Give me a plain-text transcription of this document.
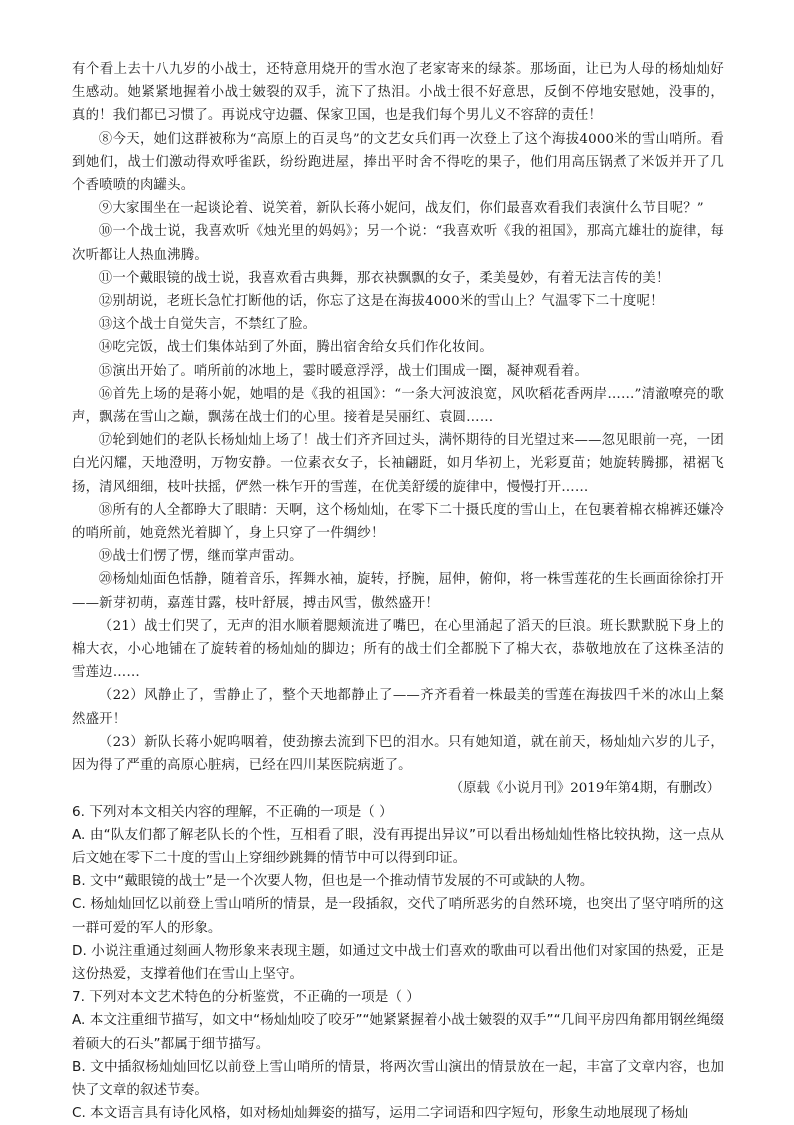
有个看上去十八九岁的小战士，还特意用烧开的雪水泡了老家寄来的绿茶。那场面，让已为人母的杨灿灿好生感动。她紧紧地握着小战士皴裂的双手，流下了热泪。小战士很不好意思，反倒不停地安慰她，没事的，真的！我们都已习惯了。再说戍守边疆、保家卫国，也是我们每个男儿义不容辞的责任！

⑧今天，她们这群被称为“高原上的百灵鸟”的文艺女兵们再一次登上了这个海拔4000米的雪山哨所。看到她们，战士们激动得欢呼雀跃，纷纷跑进屋，捧出平时舍不得吃的果子，他们用高压锅煮了米饭并开了几个香喷喷的肉罐头。

⑨大家围坐在一起谈论着、说笑着，新队长蒋小妮问，战友们，你们最喜欢看我们表演什么节目呢？”

⑩一个战士说，我喜欢听《烛光里的妈妈》；另一个说：“我喜欢听《我的祖国》，那高亢雄壮的旋律，每次听都让人热血沸腾。

⑪一个戴眼镜的战士说，我喜欢看古典舞，那衣袂飘飘的女子，柔美曼妙，有着无法言传的美！

⑫别胡说，老班长急忙打断他的话，你忘了这是在海拔4000米的雪山上？气温零下二十度呢！

⑬这个战士自觉失言，不禁红了脸。

⑭吃完饭，战士们集体站到了外面，腾出宿舍给女兵们作化妆间。

⑮演出开始了。哨所前的冰地上，霎时暖意浮浮，战士们围成一圈，凝神观看着。

⑯首先上场的是蒋小妮，她唱的是《我的祖国》：“一条大河波浪宽，风吹稻花香两岸……”清澈嘹亮的歌声，飘荡在雪山之巅，飘荡在战士们的心里。接着是吴丽红、袁圆……

⑰轮到她们的老队长杨灿灿上场了！战士们齐齐回过头，满怀期待的目光望过来——忽见眼前一亮，一团白光闪耀，天地澄明，万物安静。一位素衣女子，长袖翩跹，如月华初上，光彩夏苗；她旋转腾挪，裙裾飞扬，清风细细，枝叶扶摇，俨然一株乍开的雪莲，在优美舒缓的旋律中，慢慢打开……

⑱所有的人全都睁大了眼睛：天啊，这个杨灿灿，在零下二十摄氏度的雪山上，在包裹着棉衣棉裤还嫌冷的哨所前，她竟然光着脚丫，身上只穿了一件绸纱！

⑲战士们愣了愣，继而掌声雷动。

⑳杨灿灿面色恬静，随着音乐，挥舞水袖，旋转，抒腕，屈伸，俯仰，将一株雪莲花的生长画面徐徐打开——新芽初萌，嘉莲甘露，枝叶舒展，搏击风雪，傲然盛开！

（21）战士们哭了，无声的泪水顺着腮颊流进了嘴巴，在心里涌起了滔天的巨浪。班长默默脱下身上的棉大衣，小心地铺在了旋转着的杨灿灿的脚边；所有的战士们全都脱下了棉大衣，恭敬地放在了这株圣洁的雪莲边……

（22）风静止了，雪静止了，整个天地都静止了——齐齐看着一株最美的雪莲在海拔四千米的冰山上粲然盛开！

（23）新队长蒋小妮呜咽着，使劲擦去流到下巴的泪水。只有她知道，就在前天，杨灿灿六岁的儿子，因为得了严重的高原心脏病，已经在四川某医院病逝了。

（原载《小说月刊》2019年第4期，有删改）

6. 下列对本文相关内容的理解，不正确的一项是（ ）

A. 由“队友们都了解老队长的个性，互相看了眼，没有再提出异议”可以看出杨灿灿性格比较执拗，这一点从后文她在零下二十度的雪山上穿细纱跳舞的情节中可以得到印证。

B. 文中“戴眼镜的战士”是一个次要人物，但也是一个推动情节发展的不可或缺的人物。

C. 杨灿灿回忆以前登上雪山哨所的情景，是一段插叙，交代了哨所恶劣的自然环境，也突出了坚守哨所的这一群可爱的军人的形象。

D. 小说注重通过刻画人物形象来表现主题，如通过文中战士们喜欢的歌曲可以看出他们对家国的热爱，正是这份热爱，支撑着他们在雪山上坚守。

7. 下列对本文艺术特色的分析鉴赏，不正确的一项是（ ）

A. 本文注重细节描写，如文中“杨灿灿咬了咬牙”“她紧紧握着小战士皴裂的双手”“几间平房四角都用钢丝绳缀着硕大的石头”都属于细节描写。

B. 文中插叙杨灿灿回忆以前登上雪山哨所的情景，将两次雪山演出的情景放在一起，丰富了文章内容，也加快了文章的叙述节奏。

C. 本文语言具有诗化风格，如对杨灿灿舞姿的描写，运用二字词语和四字短句，形象生动地展现了杨灿
